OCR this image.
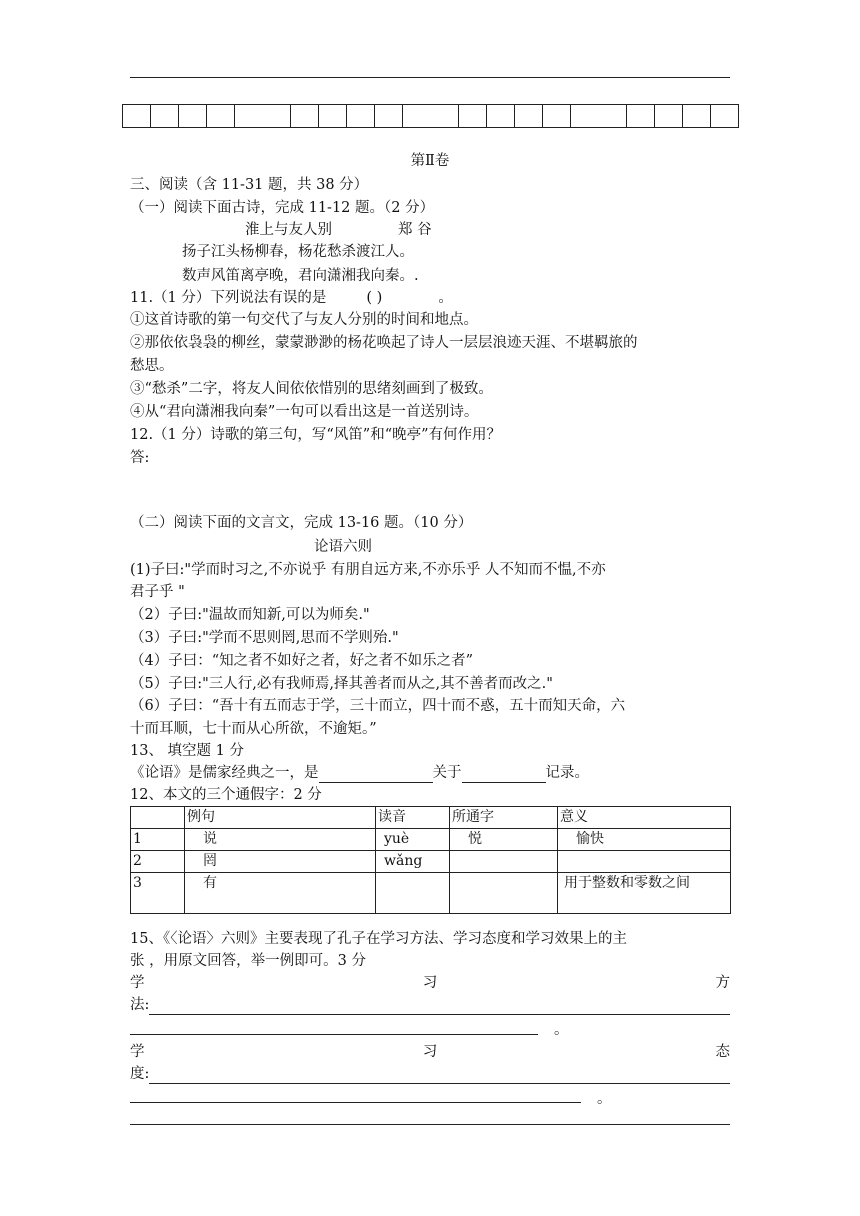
第Ⅱ卷
三、阅读（含 11-31 题，共 38 分）
（一）阅读下面古诗，完成 11-12 题。（2 分）
淮上与友人别	郑 谷
扬子江头杨柳春，杨花愁杀渡江人。
数声风笛离亭晚，君向潇湘我向秦。.
11.（1 分）下列说法有误的是	( )	。
①这首诗歌的第一句交代了与友人分别的时间和地点。
②那依依袅袅的柳丝，蒙蒙渺渺的杨花唤起了诗人一层层浪迹天涯、不堪羁旅的
愁思。
③“愁杀”二字，将友人间依依惜别的思绪刻画到了极致。
④从“君向潇湘我向秦”一句可以看出这是一首送别诗。
12.（1 分）诗歌的第三句，写“风笛”和“晚亭”有何作用？
答:
（二）阅读下面的文言文，完成 13-16 题。（10 分）
论语六则
(1)子曰:"学而时习之,不亦说乎 有朋自远方来,不亦乐乎 人不知而不愠,不亦
君子乎 "
（2）子曰:"温故而知新,可以为师矣."
（3）子曰:"学而不思则罔,思而不学则殆."
（4）子曰：“知之者不如好之者，好之者不如乐之者”
（5）子曰:"三人行,必有我师焉,择其善者而从之,其不善者而改之."
（6）子曰：“吾十有五而志于学，三十而立，四十而不惑，五十而知天命，六
十而耳顺，七十而从心所欲，不逾矩。”
13、 填空题 1 分
《论语》是儒家经典之一，是	关于	记录。
12、本文的三个通假字：2 分
	例句	读音	所通字	意义
1	说	yuè	悦	愉快
2	罔	wǎng		
3	有			用于整数和零数之间
15、《〈论语〉六则》主要表现了孔子在学习方法、学习态度和学习效果上的主
张 ，用原文回答，举一例即可。3 分
学	习	方
法:
。
学	习	态
度:
。
